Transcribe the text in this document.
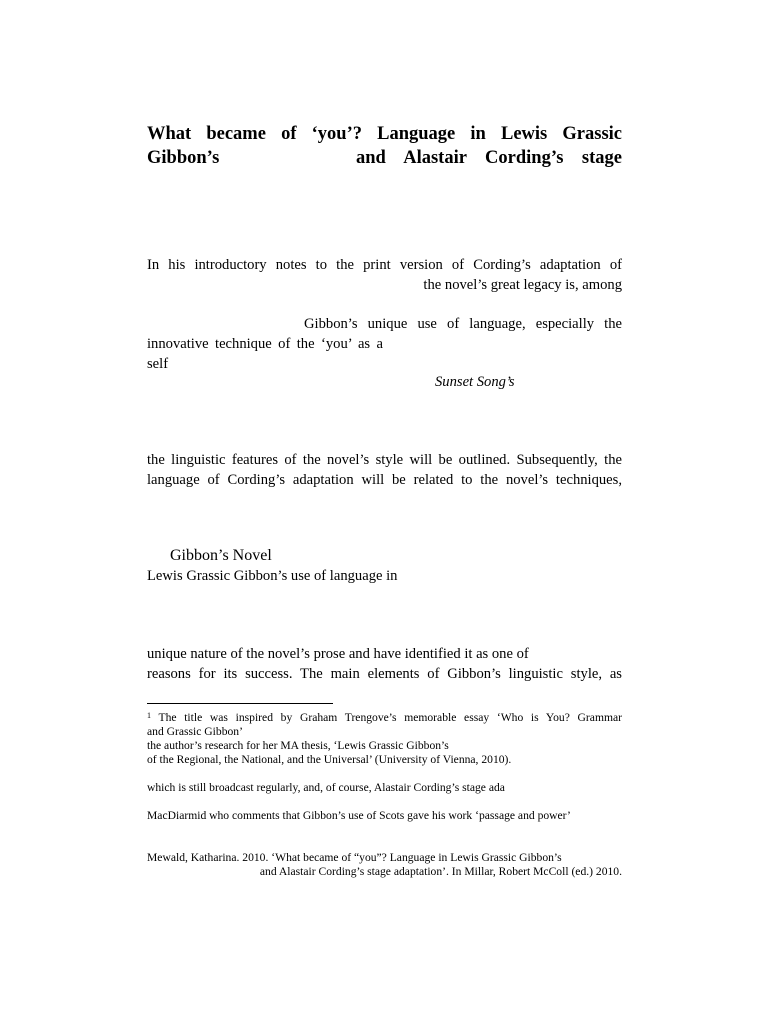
What became of ‘you’? Language in Lewis Grassic
Gibbon’s	and Alastair Cording’s stage
In his introductory notes to the print version of Cording’s adaptation of
the novel’s great legacy is, among
Gibbon’s unique use of language, especially the
innovative technique of the ‘you’ as a self
Sunset Song’s
the linguistic features of the novel’s style will be outlined. Subsequently, the
language of Cording’s adaptation will be related to the novel’s techniques,
Gibbon’s Novel
Lewis Grassic Gibbon’s use of language in
unique nature of the novel’s prose and have identified it as one of
reasons for its success. The main elements of Gibbon’s linguistic style, as
$^1$ The title was inspired by Graham Trengove’s memorable essay ‘Who is You? Grammar
and Grassic Gibbon’
the author’s research for her MA thesis, ‘Lewis Grassic Gibbon’s
of the Regional, the National, and the Universal’ (University of Vienna, 2010).
which is still broadcast regularly, and, of course, Alastair Cording’s stage ada
MacDiarmid who comments that Gibbon’s use of Scots gave his work ‘passage and power’
Mewald, Katharina. 2010. ‘What became of “you”? Language in Lewis Grassic Gibbon’s
and Alastair Cording’s stage adaptation’. In Millar, Robert McColl (ed.) 2010.
